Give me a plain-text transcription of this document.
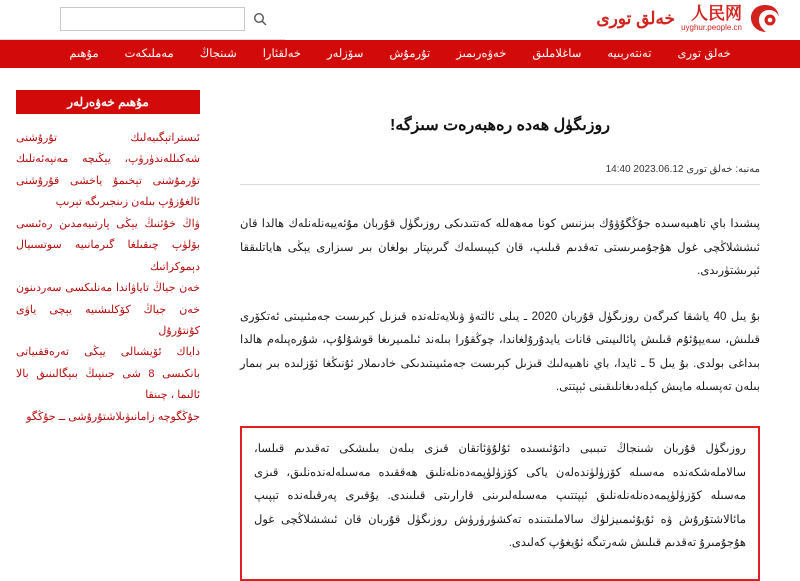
人民网
uyghur.people.cn
خەلق تورى
خەلق تورى
تەنتەربىيە
ساغلاملىق
خەۋەرىمىز
تۇرمۇش
سۆزلەر
خەلقئارا
شىنجاڭ
مەملىكەت
مۇھىم
روزىگۈل ھەدە رەھبەرەت سىزگە!
مەنبە: خەلق تورى 2023.06.12 14:40

پىشىدا باي ناھىيەسىدە جۇڭگۇۋۇك بىزنىس كونا مەھەللە كەنتىدىكى روزىگۈل قۇربان مۇئەييەنلەنلەك ھالدا قان ئىششلاڭچى غول ھۇجۇمىرىستى تەقدىم قىلىپ، قان كېپىسلەك گىرىپتار بولغان بىر سىزارى يېڭى ھاياتلىققا ئېرىشتۈرىدى.

بۇ يىل 40 ياشقا كىرگەن روزىگۈل قۇربان 2020 ـ يىلى ئالتەۋ ۋىلايەتلەندە قىزىل كېرىست جەمئىيىتى ئەتكۆرى قىلىش، سەيپۇئۇم قىلىش پائالىيىتى قانات يايدۇرۇلغاندا، چوڭقۇرا بىلەند ئىلمىيرىغا قوشۇلۇپ، شۇرەپىلەم ھالدا بىداغى بولدى. بۇ يىل 5 ـ ئايدا، باي ناھىيەلىك قىزىل كېرىست جەمئىيىتىدىكى خادىملار ئۇنىڭغا ئۆزلىدە بىر بىمار بىلەن تەپسىلە مايىش كېلەدىغانلىقىنى ئېپتتى.

روزىگۈل قۇربان شىنجاڭ تىبىبى داتۇئىسىدە ئۇلۇۋئاتقان قىزى بىلەن بىلىشكى تەقىدىم قىلسا، سالاملەشكەنده مەسىلە كۆزۈلۈندەلەن ياكى كۆزۈلۈپمەدەنلەنلىق ھەققىدە مەسىلەلەندەنلىق، قىزى مەسىلە كۆزۈلۈپمەدەنلەنلەنلىق ئېپتتىپ مەسىلەلىرىنى قارارىتى قىلىندى. يۇقىرى پەرقىلەندە تېپىپ مائالاشتۇرۇش ۋە ئۇيۇئىمىيزلۈك سالاملىتىندە تەكشۈرۈرۈش روزىگۈل قۇربان قان ئىششلاڭچى غول ھۇجۇمىرۇ تەقدىم قىلىش شەرتىگە ئۇيغۇپ كەلىدى.

مۇھىم خەۋەرلەر
ئىستراتېگىيەلىك تۇرۇشنى شەكىللەندۈرۈپ، يېڭىچە مەنپەئەتلىك تۇرمۇشنى تېخىمۇ ياخشى قۇرۇشنى ئالغۇزۇپ بىلەن زىنجىرىگە تېرىپ
ۋاڭ خۇئنىڭ يېڭى پارتىيەمدىن رەئىسى بۆلۈپ چىقىلغا گىرمانىيە سوتسىيال دېموكراتىك
خەن جياڭ تاياۋاندا مەنلىكسى سەردىنون خەن جياڭ كۆكلىشىيە يېچى ياۋى كۇنتۇرۇل
داياك ئۆيشىالى يېڭى تەرەققىياتى بانكىسى 8 شى جىنپىڭ بىپگالىنىق بالا ئالىما ، چىنقا
جۇڭگوچە زامانىۋىلاشتۇرۇشى ــ جۇڭگو
